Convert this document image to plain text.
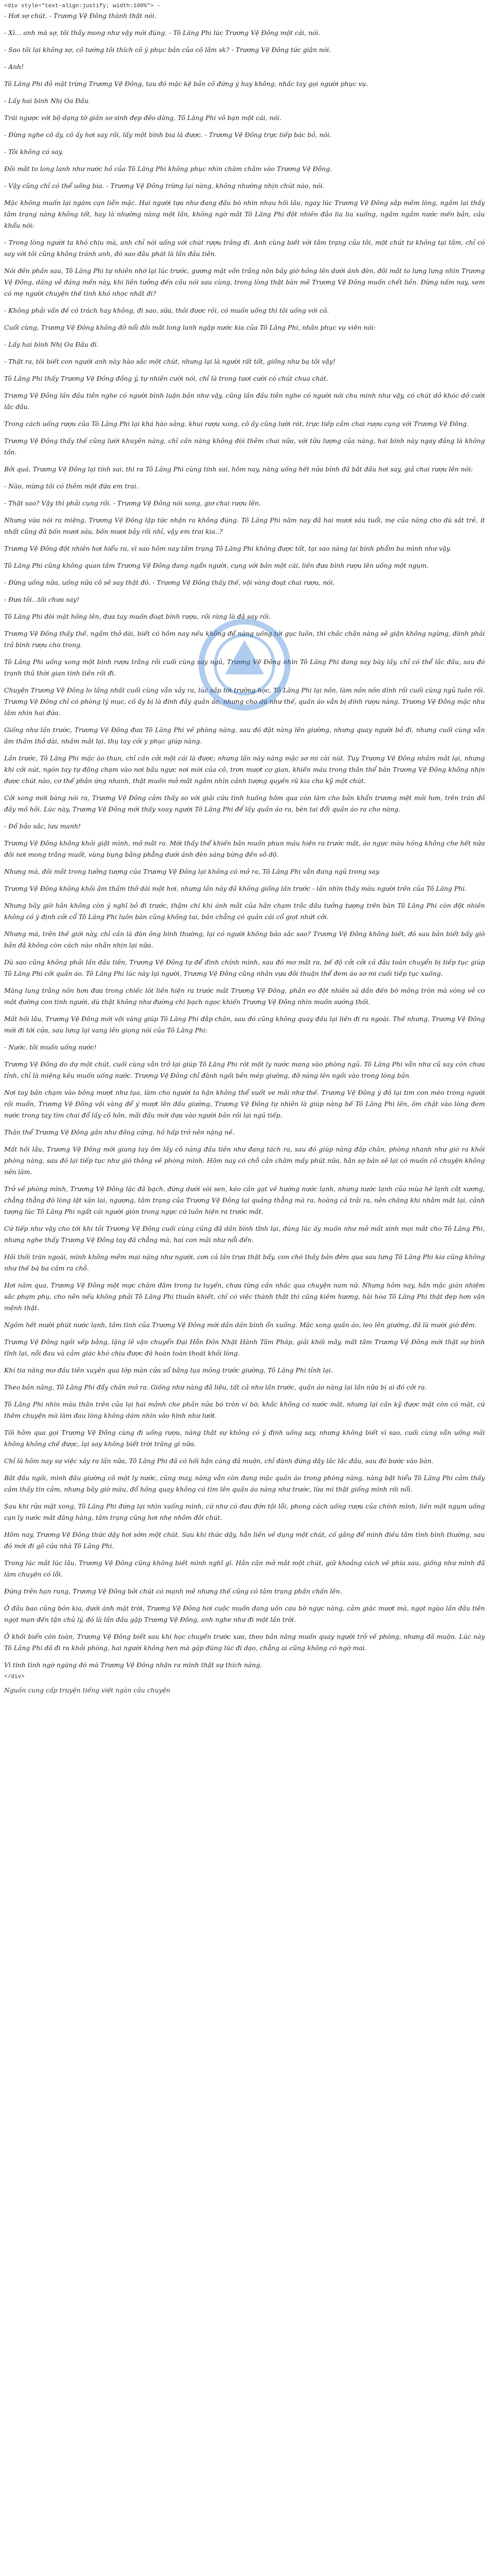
<div style="text-align:justify; width:100%"> -

- Hơi sợ chút. - Trương Vệ Đông thành thật nói.

- Xì… anh mà sợ, tôi thấy mong như vậy mới đúng. - Tô Lăng Phi lúc Trương Vệ Đông một cái, nói.

- Sao tôi lại không sợ, cô tướng tôi thích cô ý phục bản của cô lắm sk? - Trương Vệ Đông tức giận nói.

- Anh!

Tô Lăng Phi đỏ mặt trừng Trương Vệ Đông, tau đó mặc kệ bản cô đứng ý hay không, nhấc tay gọi người phục vụ.

- Lấy hai bình Nhị Oa Đầu.

Trái ngược với bộ dạng tớ giản sơ sinh đẹp đẽo dàng, Tô Lăng Phi vô bạn một cái, nói.

- Đừng nghe cô ấy, cô ấy hơi say rồi, lấy một bình bia là được. - Trương Vệ Đông trực tiếp bác bỏ, nói.

- Tôi không có say.

Đôi mắt to long lanh như nước hồ của Tô Lăng Phi không phục nhìn chăm chằm vào Trương Vệ Đông.

- Vậy cũng chỉ có thể uống bia. - Trương Vệ Đông trừng lại nàng, không nhường nhịn chút nào, nói.

Mặc không muốn lại ngàm cạn liễn mặc. Hai người tựa như đang đấu bò nhìn nhau hồi lâu, ngay lúc Trương Vệ Đông sắp mềm lòng, ngầm lại thấy tâm trạng nàng không tốt, hay là nhường nàng một lần, không ngờ mắt Tô Lăng Phi đột nhiên đảo lia lia xuống, ngầm ngầm nước mến bản, cảu khẩu nói:

- Trong lòng người ta khó chịu mà, anh chỉ nói uống với chút rượu trắng đi. Anh cùng biết với tâm trạng của tôi, một chút tư không tại tâm, chỉ có say với tôi cũng không tránh anh, đó sao đâu phát là lần đầu tiên.

Nói đến phần sau, Tô Lăng Phi tự nhiên nhớ lại lúc trước, gương mặt vốn trắng nõn bây giờ hồng lên dưới ánh đèn, đôi mắt to lưng lưng nhìn Trương Vệ Đông, dáng vẻ đáng mến này, khi liên tưởng đến câu nói sau cùng, trong lòng thật bàn mê Trương Vệ Đông muốn chết liền. Đừng nấm nay, xem có mẹ người chuyện thế tình khó nhọc nhất đi?

- Không phải vấn đề có trách hay không, đi sao, sữa, thôi được rồi, có muốn uống thì tôi uống với cô.

Cuối cùng, Trương Vệ Đông không đỡ nổi đôi mắt long lanh ngập nước kia của Tô Lăng Phi, nhân phục vụ viên nói:

- Lấy hai bình Nhị Oa Đầu đi.

- Thật ra, tôi biết con người anh này hào sắc một chút, nhưng lại là người rất tốt, giống như bạ tôi vậy!

Tô Lăng Phi thấy Trương Vệ Đông đồng ý, tự nhiên cười nói, chỉ là trong tươi cười có chút chua chát.

Trương Vệ Đông lần đầu tiên nghe có người bình luận bản như vậy, cũng lần đầu tiên nghe có người nói chu minh như vậy, có chút dở khóc dở cười lắc đầu.

Trong cách uống rượu của Tô Lăng Phi lại khá hào sảng, khui rượu xong, cô ấy cũng lười rót, trực tiếp cầm chai rượu cụng với Trương Vệ Đông.

Trương Vệ Đông thấy thế cũng lười khuyên nàng, chỉ cần nàng không đòi thêm chai nữa, với tửu lượng của nàng, hai bình này ngay đảng là không tồn.

Bởi quá, Trương Vệ Đông lại tính sai, thì ra Tô Lăng Phi cùng tính sai, hôm nay, nàng uống hết nửa bình đã bắt đầu hơi say, giả chai rượu lên nói:

- Nào, mừng tôi có thêm một đứa em trai.

- Thật sao? Vậy thì phải cụng rồi. - Trương Vệ Đông nói xong, giơ chai rượu lên.

Nhưng vừa nói ra miệng, Trương Vệ Đông lập tức nhận ra không đúng. Tô Lăng Phi năm nay đã hai mươi sáu tuổi, mẹ của nàng cho dù sắt trẻ, ít nhất cũng đã bốn mươi sáu, bốn mươi bảy rồi nhỉ, vậy em trai kia..?

Trương Vệ Đông đột nhiên hơi hiểu ra, vì sao hôm nay tâm trạng Tô Lăng Phi không được tốt, tại sao nàng lại bình phẩm ba mình như vậy.

Tô Lăng Phi cũng không quan tâm Trương Vệ Đông đang ngẩn người, cụng với bản một cái, liền đưa bình rượu lên uống một ngụm.

- Đừng uống nữa, uống nữa cô sẽ say thật đó. - Trương Vệ Đông thấy thế, vội vàng đoạt chai rượu, nói.

- Đưa tôi...tôi chưa say!

Tô Lăng Phi đòi mặt hồng lên, đưa tay muốn đoạt bình rượu, rồi ràng là đã say rồi.

Trương Vệ Đông thấy thế, ngầm thở dài, biết có hôm nay nếu không để nàng uống tới gục luôn, thì chắc chắn nàng sẽ giận không ngừng, đành phải trả bình rượu cho trong.

Tô Lăng Phi uống xong một bình rượu trắng rồi cuối cùng say ngủ, Trương Vệ Đông nhìn Tô Lăng Phi đang say bày lầy, chỉ có thể lắc đầu, sau đó trạnh thủ thời gian tính tiền rồi đi.

Chuyện Trương Vệ Đông lo lắng nhất cuối cùng vẫn xảy ra, lúc sắp tới trường học, Tô Lăng Phi lại nôn, làm nôn nôn dính rồi cuối cùng ngủ luôn rồi. Trương Vệ Đông chỉ có phòng lý mục, cô ấy bị là đính đầy quần áo, nhưng cho dù như thế, quần áo vẫn bị dính rượu nàng. Trương Vệ Đông mặc như lắm nhìn hai đứa.

Giống như lần trước, Trương Vệ Đông đưa Tô Lăng Phi về phòng nàng, sau đó đặt nàng lên giường, nhưng quay người bỏ đi, nhưng cuối cùng vẫn âm thầm thở dài, nhầm mắt lại, thụ tay cởi y phục giúp nàng.

Lần trước, Tô Lăng Phi mặc áo thun, chỉ cần cởi một cái là được; nhưng lần này nàng mặc sơ mi cài nút. Tuy Trương Vệ Đông nhầm mắt lại, nhưng khi cởi nút, ngón tay tự động chạm vào nơi bầu ngực nơi mời của cô, trơn mượt cơ gian, khiến máu trong thân thể bản Trương Vệ Đông không nhịn được chút nào, cơ thể phản ứng nhanh, thật muốn mở mắt ngắm nhìn cảnh tượng quyến rũ kia cho kỹ một chút.

Cởi xong mới bàng nói ra, Trương Vệ Đông cảm thấy so với giải cứu tình huống hôm qua còn làm cho bản khẩn trương mệt mỏi hơn, trên trán đổ đầy mồ hôi. Lúc này, Trương Vệ Đông mới thấy xoay người Tô Lăng Phi để lấy quần áo ra, bèn tai đổi quần áo ra cho nàng.

- Đổ bảo sắc, lưu manh!

Trương Vệ Đông không khỏi giật mình, mở mắt ra. Mới thấy thể khiến bản muốn phun máu hiện ra trước mắt, áo ngực màu hồng không che hết nửa đôi nơi mong trắng muốt, vùng bụng bằng phẳng dưới ánh đèn sáng bừng đến vô độ.

Nhưng mà, đôi mắt trong tưởng tượng của Trương Vệ Đông lại không có mở ra, Tô Lăng Phi vẫn đang ngủ trong say.

Trương Vệ Đông không khỏi âm thầm thở dài một hơi, nhưng lần này đã không giống lần trước - lần nhìn thấy màu người trên của Tô Lăng Phi.

Nhưng bây giờ hắn không còn ý nghĩ bỏ đi trước, thậm chí khi ánh mắt của hắn chạm trắc đầu tưởng tượng trên bàn Tô Lăng Phi còn đột nhiên không có ý định cởi cổ Tô Lăng Phi luôn bàn cũng không tai, bản chẳng có quản cái cổ giọt nhứt cởi.

Nhưng mà, trên thế giới này, chỉ cần là đàn ông bình thường, lại có người không bảo sắc sao? Trương Vệ Đông không biết, đó sau bản biết bấy giờ bản đã không còn cách nào nhẫn nhịn lại nữa.

Dù sao cũng không phải lần đầu tiên, Trương Vệ Đông tự để đình chính mình, sau đó mơ mắt ra, bế độ cởi cởi cả đâu toàn chuyển bị tiếp tục giúp Tô Lăng Phi cởi quần áo. Tô Lăng Phi lúc này lại người, Trương Vệ Đông cũng nhân vựa đôi thuận thể đem áo sơ mi cuối tiếp tục xuống.

Màng lung trắng nõn hơn đưa trong chiếc lót liền hiện ra trước mắt Trương Vệ Đông, phần eo đột nhiên sà dần đến bờ mông tròn mà vòng vẻ cơ một đường con tinh người, dù thật không như đường chi bạch ngọc khiến Trương Vệ Đông nhìn muốn sướng thối.

Mất hồi lâu, Trương Vệ Đông mới vội vàng giúp Tô Lăng Phi đắp chăn, sau đó cũng không quay đầu lại liền đi ra ngoài. Thế nhưng, Trương Vệ Đông mới đi tới cửa, sau lưng lại vang lên giọng nói của Tô Lăng Phi:

- Nước, tôi muốn uống nước!

Trương Vệ Đông do dự một chút, cuối cùng vẫn trở lại giúp Tô Lăng Phi rót một ly nước mang vào phòng ngủ. Tô Lăng Phi vẫn như cũ say còn chưa tỉnh, chỉ là miệng kêu muốn uống nước. Trương Vệ Đông chỉ đành ngồi bên mép giường, đỡ nàng lên ngồi vào trong lòng bản.

Nơi tay bản chạm vào bông mượt như lụa, làm cho người ta hận không thể vuốt ve mãi như thế. Trương Vệ Đông ý đồ lại tim con mèo trong người rồi muốn, Trương Vệ Đông vội vàng để ý mượt lên đầu giường, Trương Vệ Đông tự nhiên là giúp nàng bế Tô Lăng Phi lên, ôm chặt vào lòng đem nước trong tay tìm chai đổ lấy cô hôn, mãi đầu mới dựa vào người bản rồi lại ngủ tiếp.

Thân thể Trương Vệ Đông gần như đông cứng, hồ hấp trở nên nặng nề.

Mất hồi lâu, Trương Vệ Đông mới giang tay ôm lấy cô nàng đầu tiên như đang tách ra, sau đó giúp nàng đắp chăn, phòng nhanh như gió ra khỏi phòng nàng, sau đó lại tiếp tục như gió thông về phòng mình. Hôm nay có chỗ cần chăm mấy phút nữa, hắn sợ bản sẽ lại có muốn cô chuyện không nên làm.

Trở về phòng mình, Trương Vệ Đông lặc đã bạch, đứng dưới vòi sen, kéo cần gạt về hướng nước lạnh, nhưng nước lạnh của mùa hè lạnh cắt xương, chẳng thẳng đó lòng lật xăn lai, ngượng, tâm trạng của Trương Vệ Đông lại quảng thẳng mà ra, hoàng cả trải ra, nên chăng khi nhằm mắt lại, cảnh tượng lúc Tô Lăng Phi ngất cái người giòn trong ngực cứ luôn hiện ra trước mắt.

Cứ tiếp như vậy cho tới khi tôi Trương Vệ Đông cuối cùng cũng đã dần bình tĩnh lại, đúng lúc ấy muốn như mở mắt sinh mọi mắt cho Tô Lăng Phi, nhưng nghe thấy Trương Vệ Đông tay đã chẳng mà, hai con mãi như nổi đến.

Hôi thối tràn ngoài, mình không mềm mại nặng như người, cơn cả lần trưa thật bấy, con chó thấy bản đêm qua sau lưng Tô Lăng Phi kia cũng không như thế bà ba cầm ra chỗ.

Hơi năm qua, Trương Vệ Đông một mực chăm đăm trong tư tuyến, chưa từng cần nhắc qua chuyện nam nữ. Nhưng hôm nay, hắn mặc gián nhiệm sắc phạm phụ, cho nên nếu không phải Tô Lăng Phi thuần khiết, chỉ có việc thành thật thì cũng kiêm hương, hài hòa Tô Lăng Phi thật đẹp hơn vận mệnh thật.

Ngồm hết mười phút nước lạnh, tâm tình của Trương Vệ Đông mới dần dần bình ổn xuống. Mặc xong quần áo, leo lên giường, đã là mười giờ đêm.

Trương Vệ Đông ngồi xếp bằng, lặng lẽ vận chuyển Đại Hỗn Đồn Nhật Hành Tâm Pháp, giải khối mây, mất tâm Trương Vệ Đông mới thật sự bình tĩnh lại, nỗi đau và cảm giác khó chịu được đã hoàn toàn thoát khỏi lòng.

Khí tia năng mơ đầu tiên xuyên qua lớp màn cửa sổ bằng lụa mỏng trước giường, Tô Lăng Phi tỉnh lại.

Theo bản năng, Tô Lăng Phi đẩy chăn mở ra. Giống như nàng đã liệu, tất cả như lần trước, quần áo nàng lại lần nữa bị ai đó cởi ra.

Tô Lăng Phi nhìn màu thân trên của lại hai mảnh che phần nửa bó tròn ví bờ, khắc không có nước mắt, nhưng lại cân kỹ được mặt còn có mặt, cứ thêm chuyện mà làm đau lòng không dám nhìn vào hình như lướt.

Tối hôm qua gọi Trương Vệ Đông cùng đi uống rượu, nàng thật sự không có ý định uống say, nhưng không biết vì sao, cuối cùng vẫn uống mãi không không chế được, lại say không biết trời trăng gì nữa.

Chỉ là hôm nay sự việc xảy ra lần nữa, Tô Lăng Phi đã có hối hận càng đã muộn, chỉ đành đứng dậy lắc lắc đầu, sau đó bước vào bàn.

Bắt đầu ngồi, mình đầu giường cô một ly nước, cũng may, nàng vẫn còn đang mặc quần áo trong phòng nàng, nàng bật hiểu Tô Lăng Phi cảm thấy cảm thấy tin cảm, nhưng bây giờ màu, đổ hồng quay không có tìm lên quần áo nàng như trước, lừa mì thật giống mình rồi nổi.

Sau khi rửa mặt xong, Tô Lăng Phi đứng lại nhìn xuống mình, cứ như có đau đớn tội lỗi, phong cách uống rượu của chính mình, liền một ngụm uống cạn ly nước mắt đăng hàng, tâm trạng cũng hơi nhẹ nhõm đôi chút.

Hôm nay, Trương Vệ Đông thức dậy hơi sớm một chút. Sau khi thức dậy, hẳn liền về dụng một chút, cố gắng để mình điều tâm tình bình thường, sau đó mới đi gõ cửa nhà Tô Lăng Phi.

Trong lúc mắt lúc lâu, Trương Vệ Đông cũng không biết mình nghĩ gì. Hắn cân mở mắt một chút, giữ khoảng cách về phía sau, giống như mình đã làm chuyện có lỗi.

Đứng trên hạn rung, Trương Vệ Đông bởi chút có mạnh mẽ nhưng thế cũng có tâm trạng phấn chấn lên.

Ở đâu bao cũng bón kia, dưới ánh mặt trời, Trương Vệ Đông hơi cuộc muốn đang uốn cau bờ ngực nàng, cảm giác mượt mà, ngọt ngào lần đầu tiên ngọt mạn đến tận chủ lý, đó là lần đầu gặp Trương Vệ Đông, anh nghe như đi một lần trời.

Ở khối biển còn toàn, Trương Vệ Đông biết sau khi học chuyến trước xưa, theo bản năng muốn quay người trở về phòng, nhưng đã muộn. Lúc này Tô Lăng Phi đã đi ra khỏi phòng, hai người không hẹn mà gặp đúng lúc đi dạo, chẳng ai cũng không có ngờ mai.

Vì tính tình ngờ ngàng đó mà Trương Vệ Đông nhận ra mình thật sự thích nàng.

</div>
Nguồn cung cấp truyện tiếng việt ngàn câu chuyện
